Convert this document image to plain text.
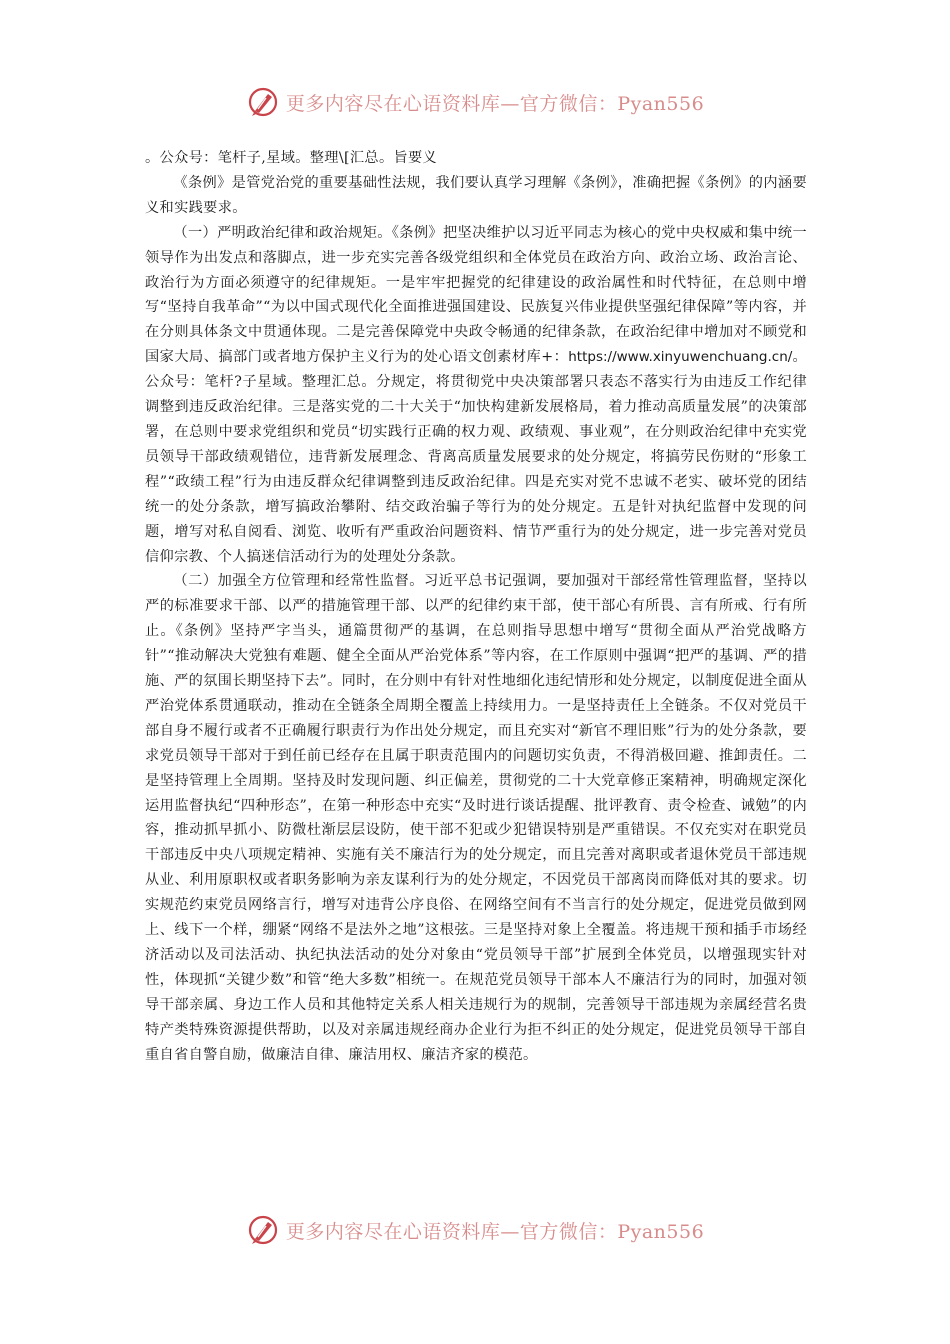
更多内容尽在心语资料库—官方微信：Pyan556

。公众号：笔杆子,星域。整理\[汇总。旨要义

《条例》是管党治党的重要基础性法规，我们要认真学习理解《条例》，准确把握《条例》的内涵要义和实践要求。

（一）严明政治纪律和政治规矩。《条例》把坚决维护以习近平同志为核心的党中央权威和集中统一领导作为出发点和落脚点，进一步充实完善各级党组织和全体党员在政治方向、政治立场、政治言论、政治行为方面必须遵守的纪律规矩。一是牢牢把握党的纪律建设的政治属性和时代特征，在总则中增写“坚持自我革命”“为以中国式现代化全面推进强国建设、民族复兴伟业提供坚强纪律保障”等内容，并在分则具体条文中贯通体现。二是完善保障党中央政令畅通的纪律条款，在政治纪律中增加对不顾党和国家大局、搞部门或者地方保护主义行为的处心语文创素材库+：https://www.xinyuwenchuang.cn/。公众号：笔杆?子星域。整理汇总。分规定，将贯彻党中央决策部署只表态不落实行为由违反工作纪律调整到违反政治纪律。三是落实党的二十大关于“加快构建新发展格局，着力推动高质量发展”的决策部署，在总则中要求党组织和党员“切实践行正确的权力观、政绩观、事业观”，在分则政治纪律中充实党员领导干部政绩观错位，违背新发展理念、背离高质量发展要求的处分规定，将搞劳民伤财的“形象工程”“政绩工程”行为由违反群众纪律调整到违反政治纪律。四是充实对党不忠诚不老实、破坏党的团结统一的处分条款，增写搞政治攀附、结交政治骗子等行为的处分规定。五是针对执纪监督中发现的问题，增写对私自阅看、浏览、收听有严重政治问题资料、情节严重行为的处分规定，进一步完善对党员信仰宗教、个人搞迷信活动行为的处理处分条款。

（二）加强全方位管理和经常性监督。习近平总书记强调，要加强对干部经常性管理监督，坚持以严的标准要求干部、以严的措施管理干部、以严的纪律约束干部，使干部心有所畏、言有所戒、行有所止。《条例》坚持严字当头，通篇贯彻严的基调，在总则指导思想中增写“贯彻全面从严治党战略方针”“推动解决大党独有难题、健全全面从严治党体系”等内容，在工作原则中强调“把严的基调、严的措施、严的氛围长期坚持下去”。同时，在分则中有针对性地细化违纪情形和处分规定，以制度促进全面从严治党体系贯通联动，推动在全链条全周期全覆盖上持续用力。一是坚持责任上全链条。不仅对党员干部自身不履行或者不正确履行职责行为作出处分规定，而且充实对“新官不理旧账”行为的处分条款，要求党员领导干部对于到任前已经存在且属于职责范围内的问题切实负责，不得消极回避、推卸责任。二是坚持管理上全周期。坚持及时发现问题、纠正偏差，贯彻党的二十大党章修正案精神，明确规定深化运用监督执纪“四种形态”，在第一种形态中充实“及时进行谈话提醒、批评教育、责令检查、诫勉”的内容，推动抓早抓小、防微杜渐层层设防，使干部不犯或少犯错误特别是严重错误。不仅充实对在职党员干部违反中央八项规定精神、实施有关不廉洁行为的处分规定，而且完善对离职或者退休党员干部违规从业、利用原职权或者职务影响为亲友谋利行为的处分规定，不因党员干部离岗而降低对其的要求。切实规范约束党员网络言行，增写对违背公序良俗、在网络空间有不当言行的处分规定，促进党员做到网上、线下一个样，绷紧“网络不是法外之地”这根弦。三是坚持对象上全覆盖。将违规干预和插手市场经济活动以及司法活动、执纪执法活动的处分对象由“党员领导干部”扩展到全体党员，以增强现实针对性，体现抓“关键少数”和管“绝大多数”相统一。在规范党员领导干部本人不廉洁行为的同时，加强对领导干部亲属、身边工作人员和其他特定关系人相关违规行为的规制，完善领导干部违规为亲属经营名贵特产类特殊资源提供帮助，以及对亲属违规经商办企业行为拒不纠正的处分规定，促进党员领导干部自重自省自警自励，做廉洁自律、廉洁用权、廉洁齐家的模范。

更多内容尽在心语资料库—官方微信：Pyan556
